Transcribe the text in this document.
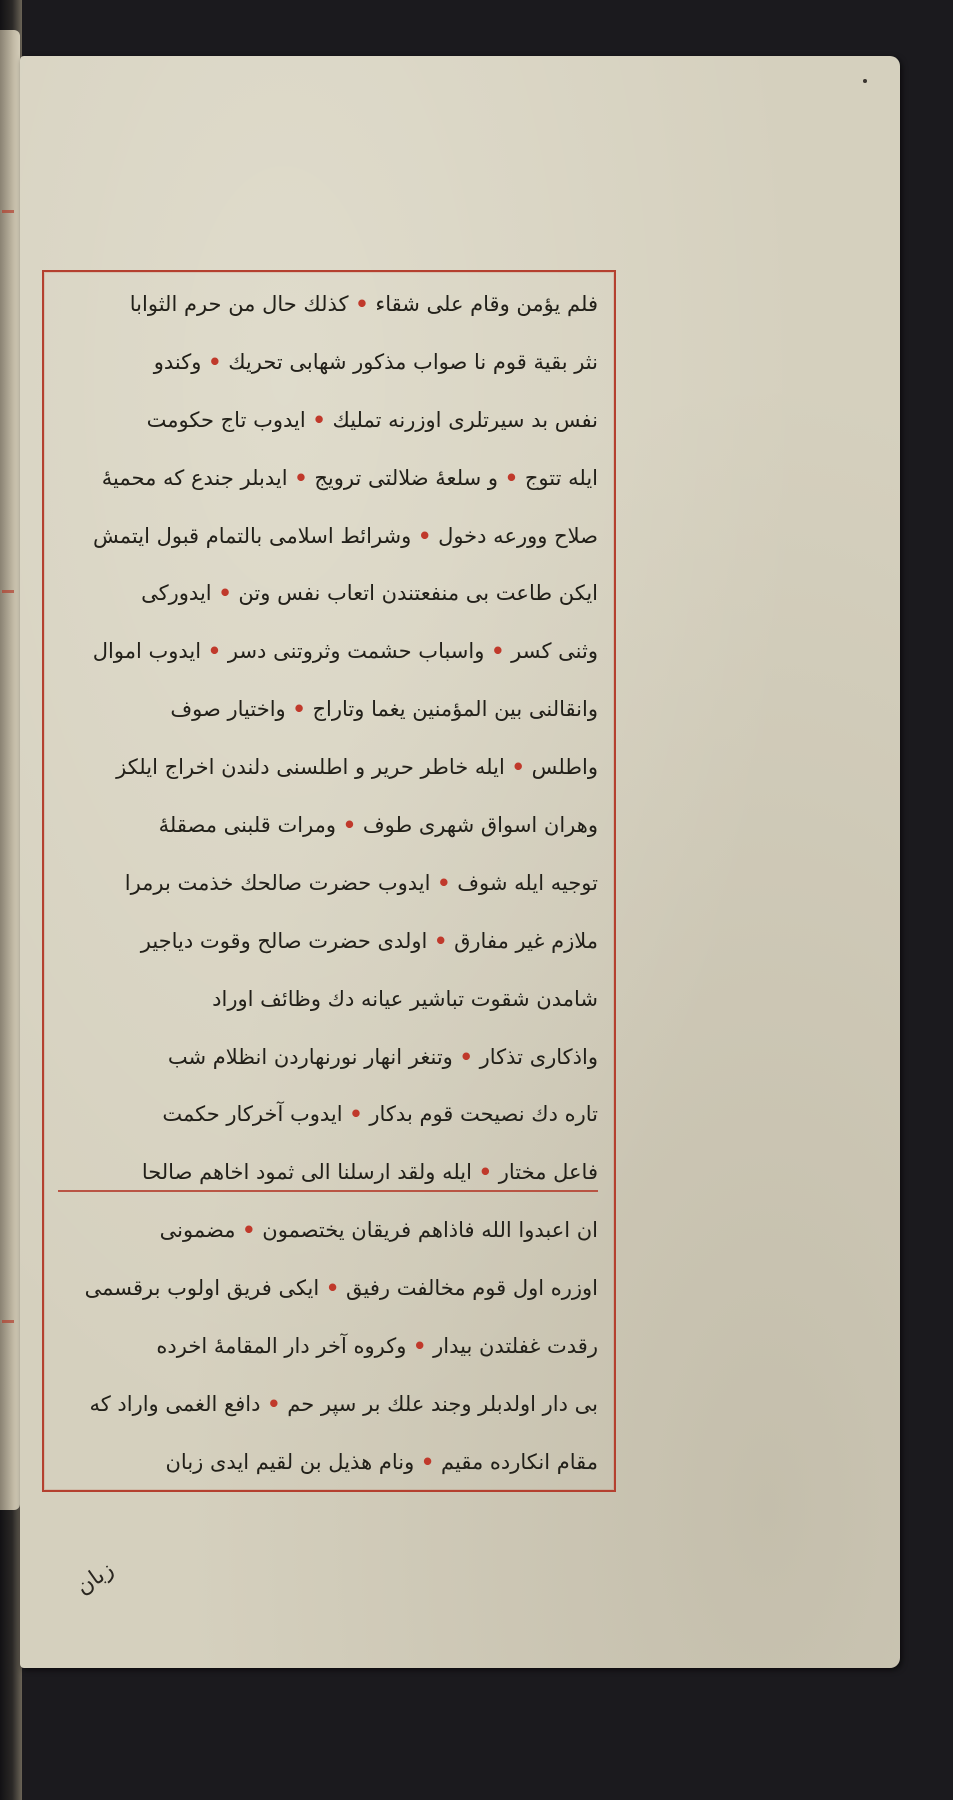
فلم يؤمن وقام على شقاء • كذلك حال من حرم الثوابا
نثر بقية قوم نا صواب مذكور شهابى تحريك • وكندو
نفس بد سيرتلرى اوزرنه تمليك • ايدوب تاج حكومت
ايله تتوج • و سلعهٔ ضلالتى ترويج • ايدبلر جندع كه محميهٔ
صلاح وورعه دخول • وشرائط اسلامى بالتمام قبول ايتمش
ايكن طاعت بى منفعتندن اتعاب نفس وتن • ايدوركى
وثنى كسر • واسباب حشمت وثروتنى دسر • ايدوب اموال
وانقالنى بين المؤمنين يغما وتاراج • واختيار صوف
واطلس • ايله خاطر حرير و اطلسنى دلندن اخراج ايلكز
وهران اسواق شهرى طوف • ومرات قلبنى مصقلهٔ
توجيه ايله شوف • ايدوب حضرت صالحك خذمت برمرا
ملازم غير مفارق • اولدى حضرت صالح وقوت دياجير
شامدن شقوت تباشير عيانه دك وظائف اوراد
واذكارى تذكار • وتنغر انهار نورنهاردن انظلام شب
تاره دك نصيحت قوم بدكار • ايدوب آخركار حكمت
فاعل مختار • ايله ولقد ارسلنا الى ثمود اخاهم صالحا
ان اعبدوا الله فاذاهم فريقان يختصمون • مضمونى
اوزره اول قوم مخالفت رفيق • ايكى فريق اولوب برقسمى
رقدت غفلتدن بيدار • وكروه آخر دار المقامهٔ اخرده
بى دار اولدبلر وجند علك بر سپر حم • دافع الغمى واراد كه
مقام انكارده مقيم • ونام هذيل بن لقيم ايدى زبان
زبان
